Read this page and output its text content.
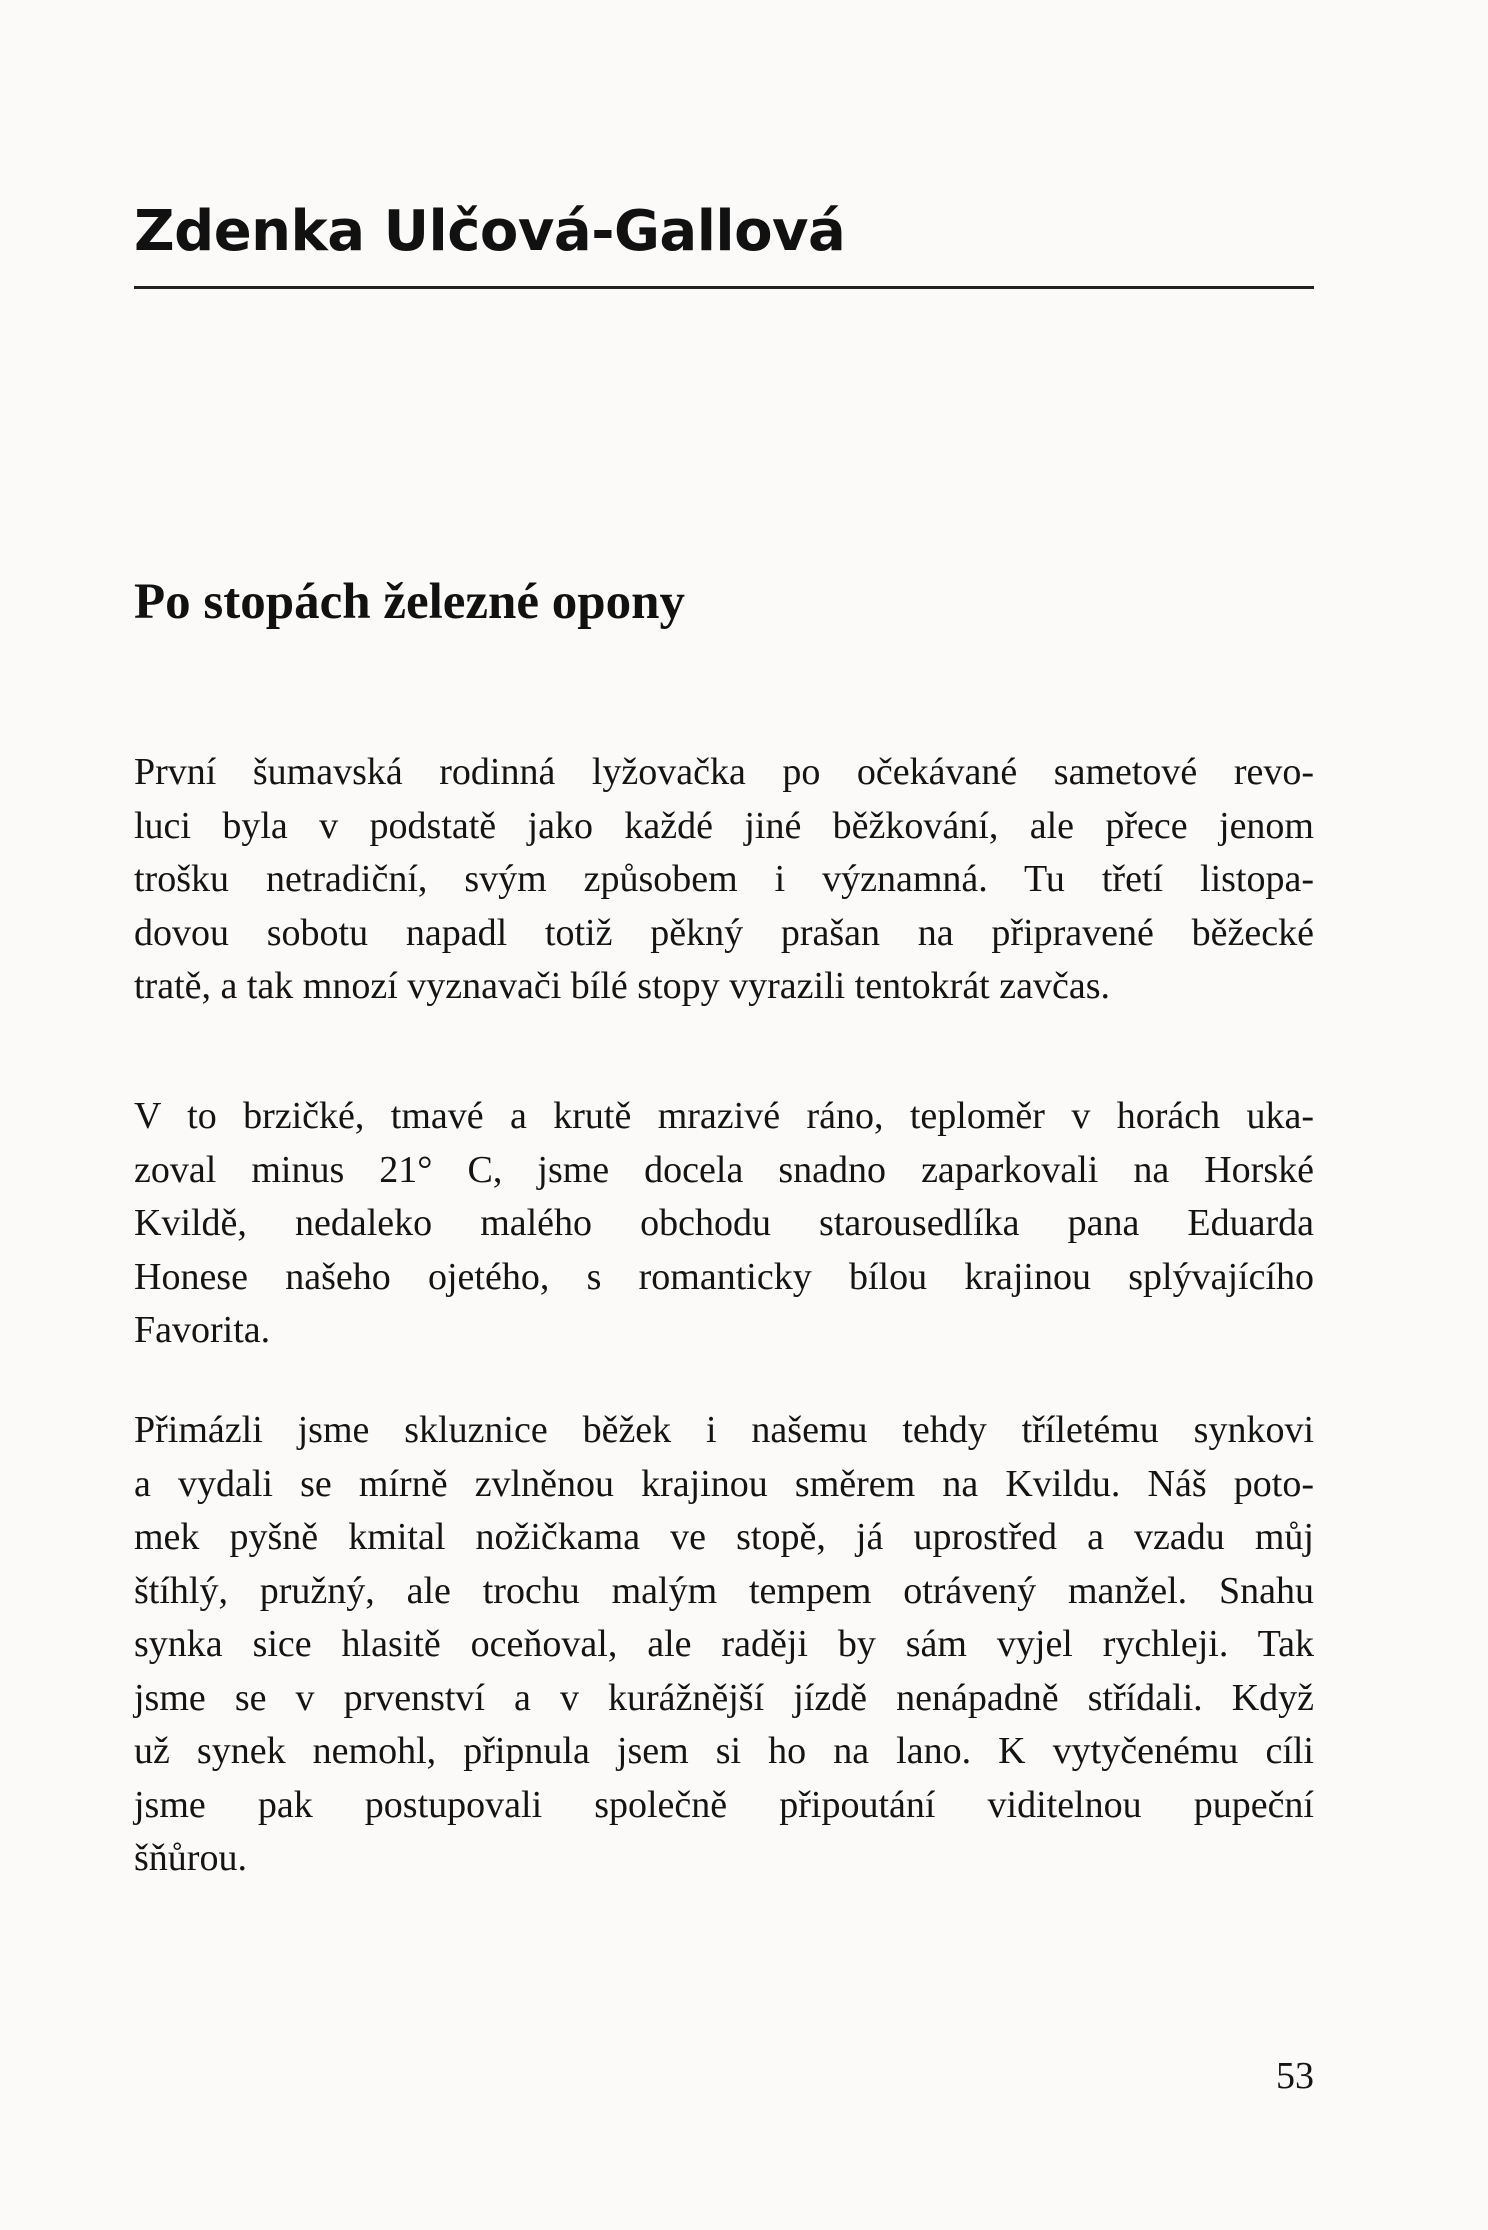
Zdenka Ulčová-Gallová
Po stopách železné opony

První šumavská rodinná lyžovačka po očekávané sametové revo-
luci byla v podstatě jako každé jiné běžkování, ale přece jenom
trošku netradiční, svým způsobem i významná. Tu třetí listopa-
dovou sobotu napadl totiž pěkný prašan na připravené běžecké
tratě, a tak mnozí vyznavači bílé stopy vyrazili tentokrát zavčas.

V to brzičké, tmavé a krutě mrazivé ráno, teploměr v horách uka-
zoval minus 21° C, jsme docela snadno zaparkovali na Horské
Kvildě, nedaleko malého obchodu starousedlíka pana Eduarda
Honese našeho ojetého, s romanticky bílou krajinou splývajícího
Favorita.

Přimázli jsme skluznice běžek i našemu tehdy tříletému synkovi
a vydali se mírně zvlněnou krajinou směrem na Kvildu. Náš poto-
mek pyšně kmital nožičkama ve stopě, já uprostřed a vzadu můj
štíhlý, pružný, ale trochu malým tempem otrávený manžel. Snahu
synka sice hlasitě oceňoval, ale raději by sám vyjel rychleji. Tak
jsme se v prvenství a v kurážnější jízdě nenápadně střídali. Když
už synek nemohl, připnula jsem si ho na lano. K vytyčenému cíli
jsme pak postupovali společně připoutání viditelnou pupeční
šňůrou.

53
